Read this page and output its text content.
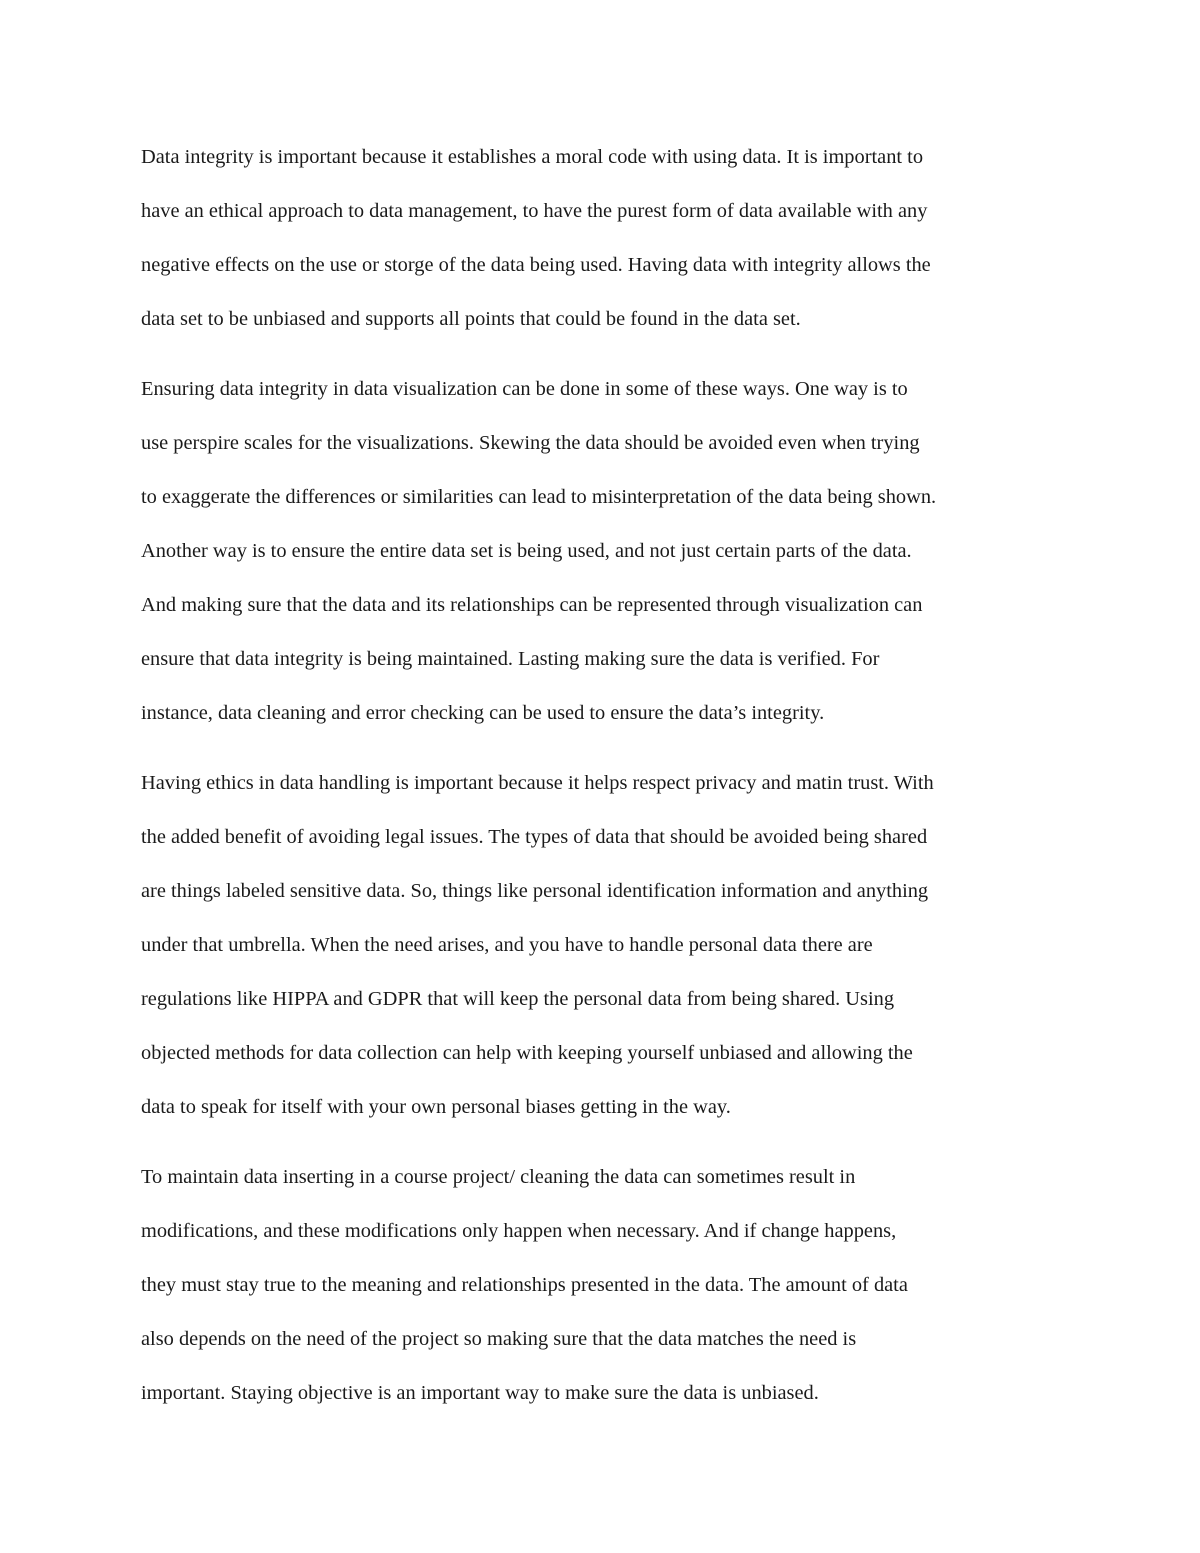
Data integrity is important because it establishes a moral code with using data. It is important to
have an ethical approach to data management, to have the purest form of data available with any
negative effects on the use or storge of the data being used. Having data with integrity allows the
data set to be unbiased and supports all points that could be found in the data set.
Ensuring data integrity in data visualization can be done in some of these ways. One way is to
use perspire scales for the visualizations. Skewing the data should be avoided even when trying
to exaggerate the differences or similarities can lead to misinterpretation of the data being shown.
Another way is to ensure the entire data set is being used, and not just certain parts of the data.
And making sure that the data and its relationships can be represented through visualization can
ensure that data integrity is being maintained. Lasting making sure the data is verified. For
instance, data cleaning and error checking can be used to ensure the data’s integrity.
Having ethics in data handling is important because it helps respect privacy and matin trust. With
the added benefit of avoiding legal issues. The types of data that should be avoided being shared
are things labeled sensitive data. So, things like personal identification information and anything
under that umbrella. When the need arises, and you have to handle personal data there are
regulations like HIPPA and GDPR that will keep the personal data from being shared. Using
objected methods for data collection can help with keeping yourself unbiased and allowing the
data to speak for itself with your own personal biases getting in the way.
To maintain data inserting in a course project/ cleaning the data can sometimes result in
modifications, and these modifications only happen when necessary. And if change happens,
they must stay true to the meaning and relationships presented in the data. The amount of data
also depends on the need of the project so making sure that the data matches the need is
important. Staying objective is an important way to make sure the data is unbiased.
